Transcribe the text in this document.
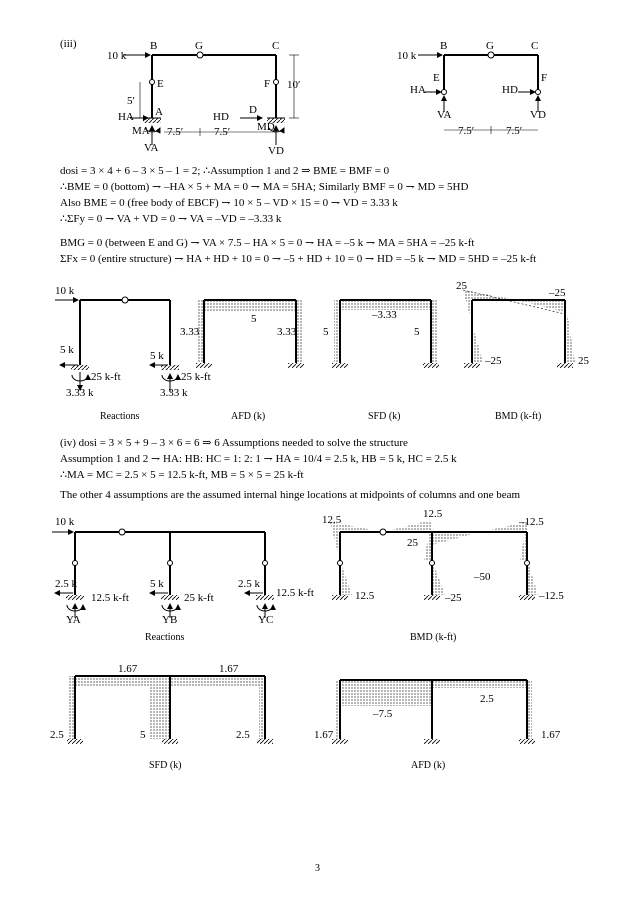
(iii)
10 k
B	G	C
E	F
5′
10′
A	D
HA	HD
MA	MD
7.5′	7.5′
VA	VD
10 k
B	G	C
E	F
HA	HD
VA	VD
7.5′	7.5′
dosi = 3 × 4 + 6 – 3 × 5 – 1 = 2; ∴Assumption 1 and 2 ⇒ BME = BMF = 0
∴BME = 0 (bottom) ⇁ –HA × 5 + MA = 0 ⇁ MA = 5HA; Similarly BMF = 0 ⇁ MD = 5HD
Also BME = 0 (free body of EBCF) ⇁ 10 × 5 – VD × 15 = 0 ⇁ VD = 3.33 k
∴ΣFy = 0 ⇁ VA + VD = 0 ⇁ VA = –VD = –3.33 k
BMG = 0 (between E and G) ⇁ VA × 7.5 – HA × 5 = 0 ⇁ HA = –5 k ⇁ MA = 5HA = –25 k-ft
ΣFx = 0 (entire structure) ⇁ HA + HD + 10 = 0 ⇁ –5 + HD + 10 = 0 ⇁ HD = –5 k ⇁ MD = 5HD = –25 k-ft
10 k
5 k	5 k
25 k-ft	25 k-ft
3.33 k	3.33 k
5
3.33	3.33
–3.33
5	5
25
–25
–25	25
Reactions	AFD (k)	SFD (k)	BMD (k-ft)
(iv) dosi = 3 × 5 + 9 – 3 × 6 = 6 ⇒ 6 Assumptions needed to solve the structure
Assumption 1 and 2 ⇁ HA: HB: HC = 1: 2: 1 ⇁ HA = 10/4 = 2.5 k, HB = 5 k, HC = 2.5 k
∴MA = MC = 2.5 × 5 = 12.5 k-ft, MB = 5 × 5 = 25 k-ft
The other 4 assumptions are the assumed internal hinge locations at midpoints of columns and one beam
10 k
2.5 k	5 k	2.5 k
12.5 k-ft	25 k-ft	12.5 k-ft
YA	YB	YC
12.5	12.5
–12.5
25
–50
12.5	–25	–12.5
Reactions	BMD (k-ft)
1.67	1.67
2.5	5	2.5
2.5
–7.5
1.67	1.67
SFD (k)	AFD (k)
3
